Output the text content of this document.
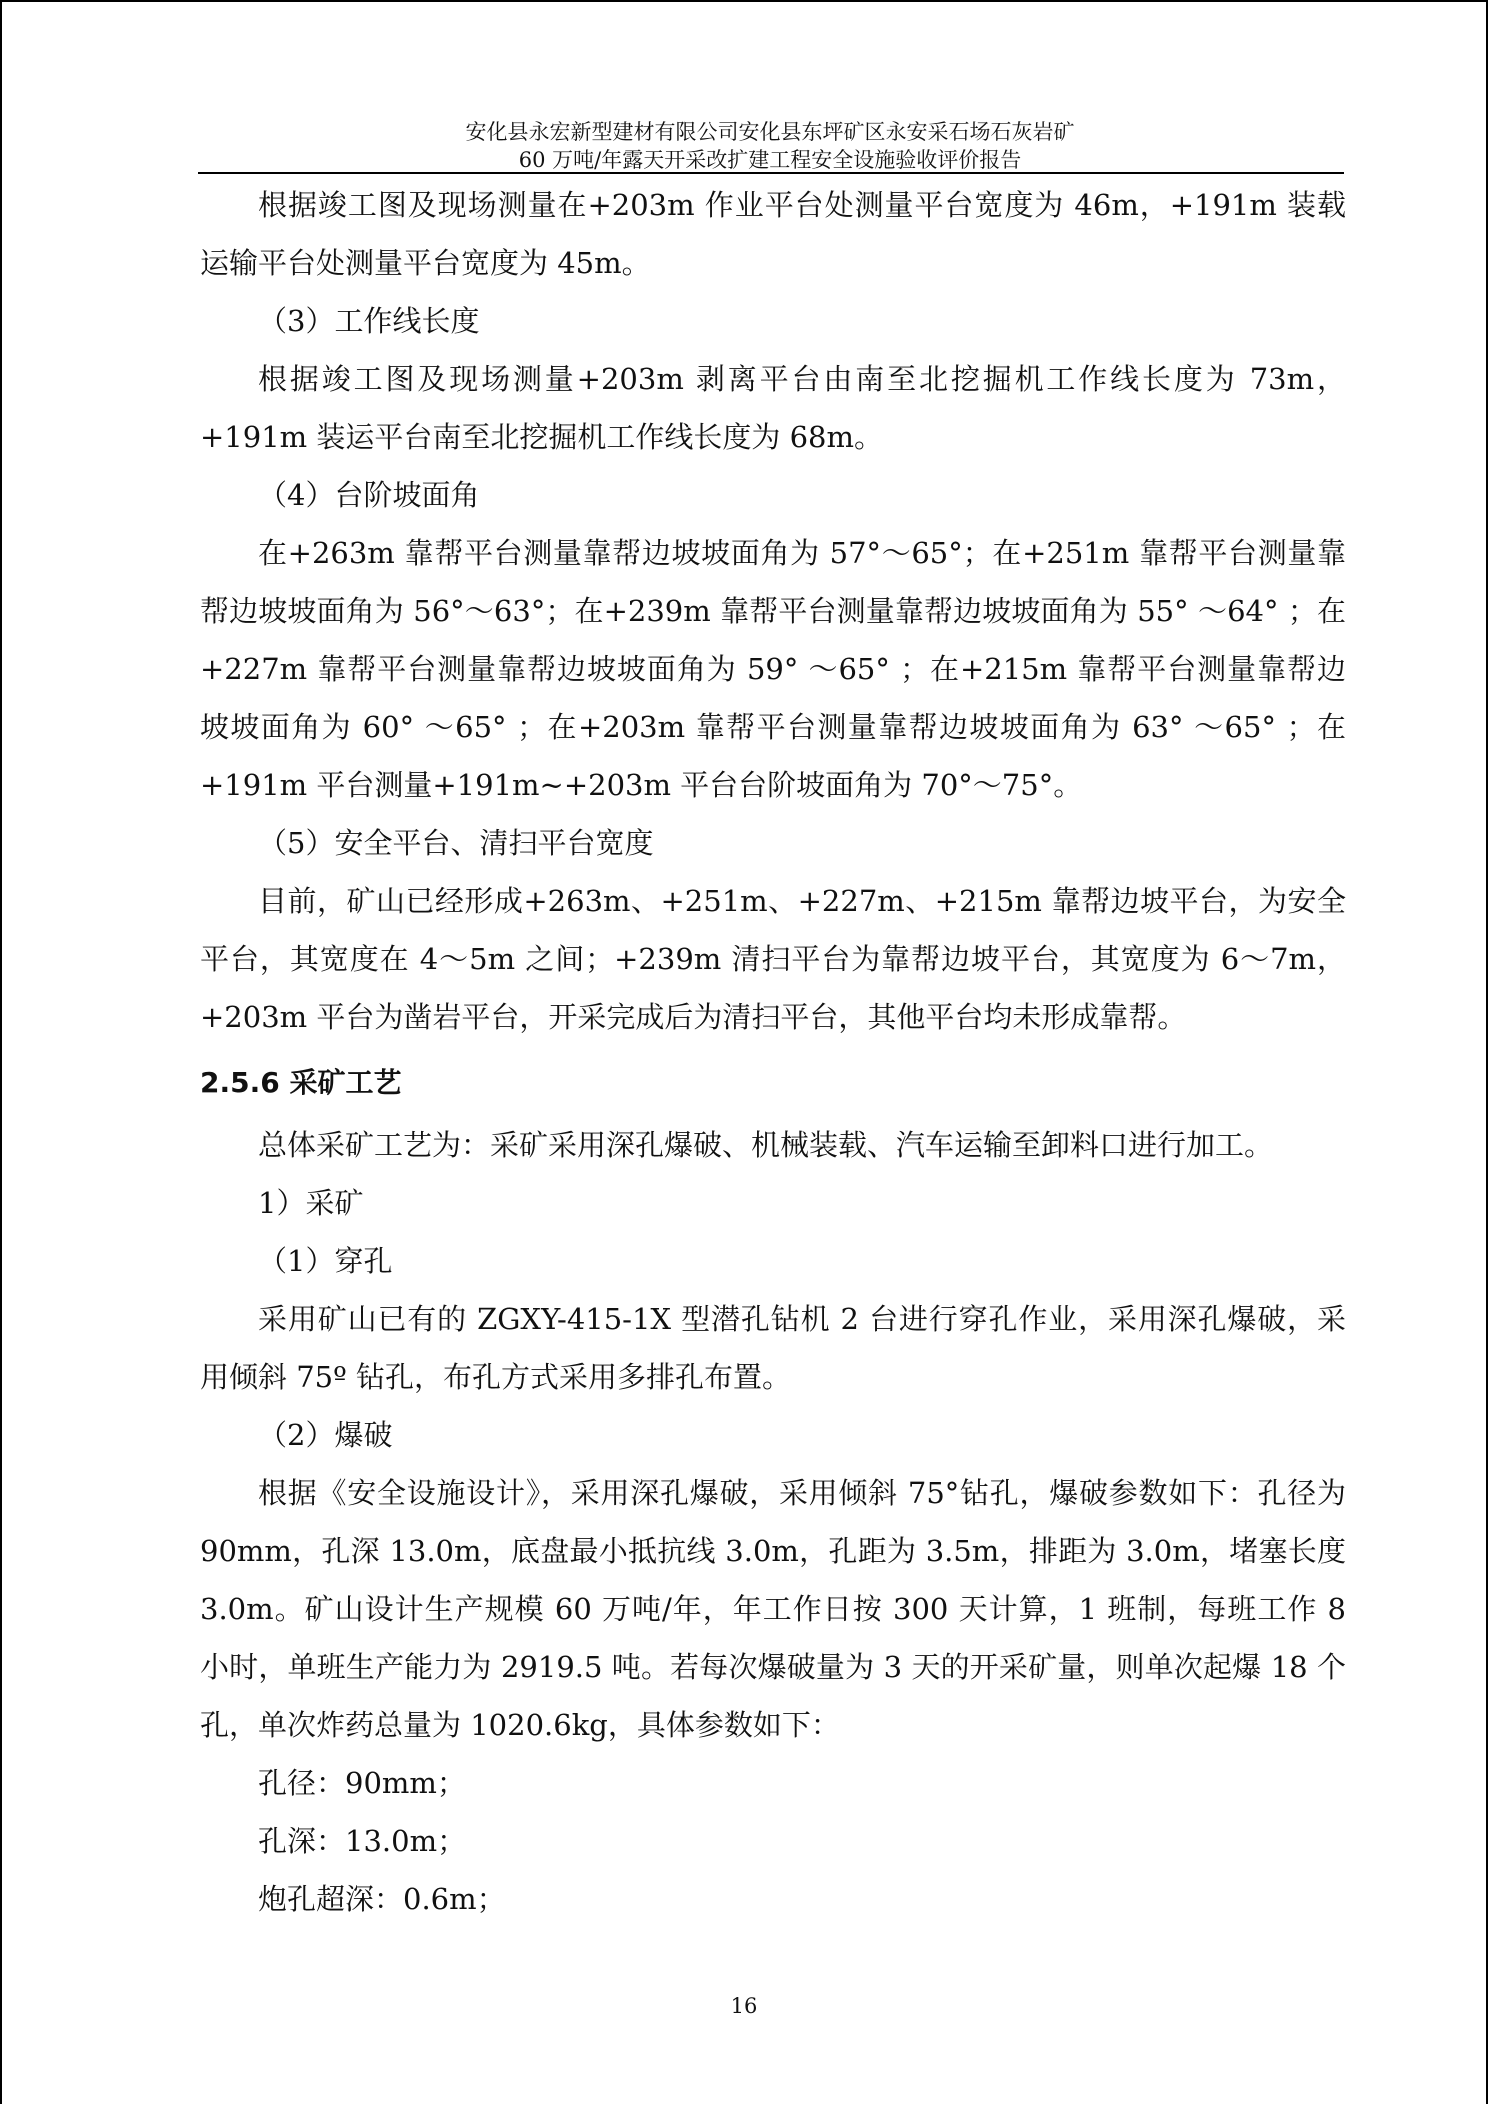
安化县永宏新型建材有限公司安化县东坪矿区永安采石场石灰岩矿
60 万吨/年露天开采改扩建工程安全设施验收评价报告

根据竣工图及现场测量在+203m 作业平台处测量平台宽度为 46m，+191m 装载运输平台处测量平台宽度为 45m。

（3）工作线长度

根据竣工图及现场测量+203m 剥离平台由南至北挖掘机工作线长度为 73m，+191m 装运平台南至北挖掘机工作线长度为 68m。

（4）台阶坡面角

在+263m 靠帮平台测量靠帮边坡坡面角为 57°～65°；在+251m 靠帮平台测量靠帮边坡坡面角为 56°～63°；在+239m 靠帮平台测量靠帮边坡坡面角为 55° ～64° ；在+227m 靠帮平台测量靠帮边坡坡面角为 59° ～65° ；在+215m 靠帮平台测量靠帮边坡坡面角为 60° ～65° ；在+203m 靠帮平台测量靠帮边坡坡面角为 63° ～65° ；在+191m 平台测量+191m~+203m 平台台阶坡面角为 70°～75°。

（5）安全平台、清扫平台宽度

目前，矿山已经形成+263m、+251m、+227m、+215m 靠帮边坡平台，为安全平台，其宽度在 4～5m 之间；+239m 清扫平台为靠帮边坡平台，其宽度为 6～7m，+203m 平台为凿岩平台，开采完成后为清扫平台，其他平台均未形成靠帮。

2.5.6 采矿工艺

总体采矿工艺为：采矿采用深孔爆破、机械装载、汽车运输至卸料口进行加工。

1）采矿

（1）穿孔

采用矿山已有的 ZGXY-415-1X 型潜孔钻机 2 台进行穿孔作业，采用深孔爆破，采用倾斜 75º 钻孔，布孔方式采用多排孔布置。

（2）爆破

根据《安全设施设计》，采用深孔爆破，采用倾斜 75°钻孔，爆破参数如下：孔径为 90mm，孔深 13.0m，底盘最小抵抗线 3.0m，孔距为 3.5m，排距为 3.0m，堵塞长度 3.0m。矿山设计生产规模 60 万吨/年，年工作日按 300 天计算，1 班制，每班工作 8 小时，单班生产能力为 2919.5 吨。若每次爆破量为 3 天的开采矿量，则单次起爆 18 个孔，单次炸药总量为 1020.6kg，具体参数如下：

孔径：90mm；

孔深：13.0m；

炮孔超深：0.6m；

16
